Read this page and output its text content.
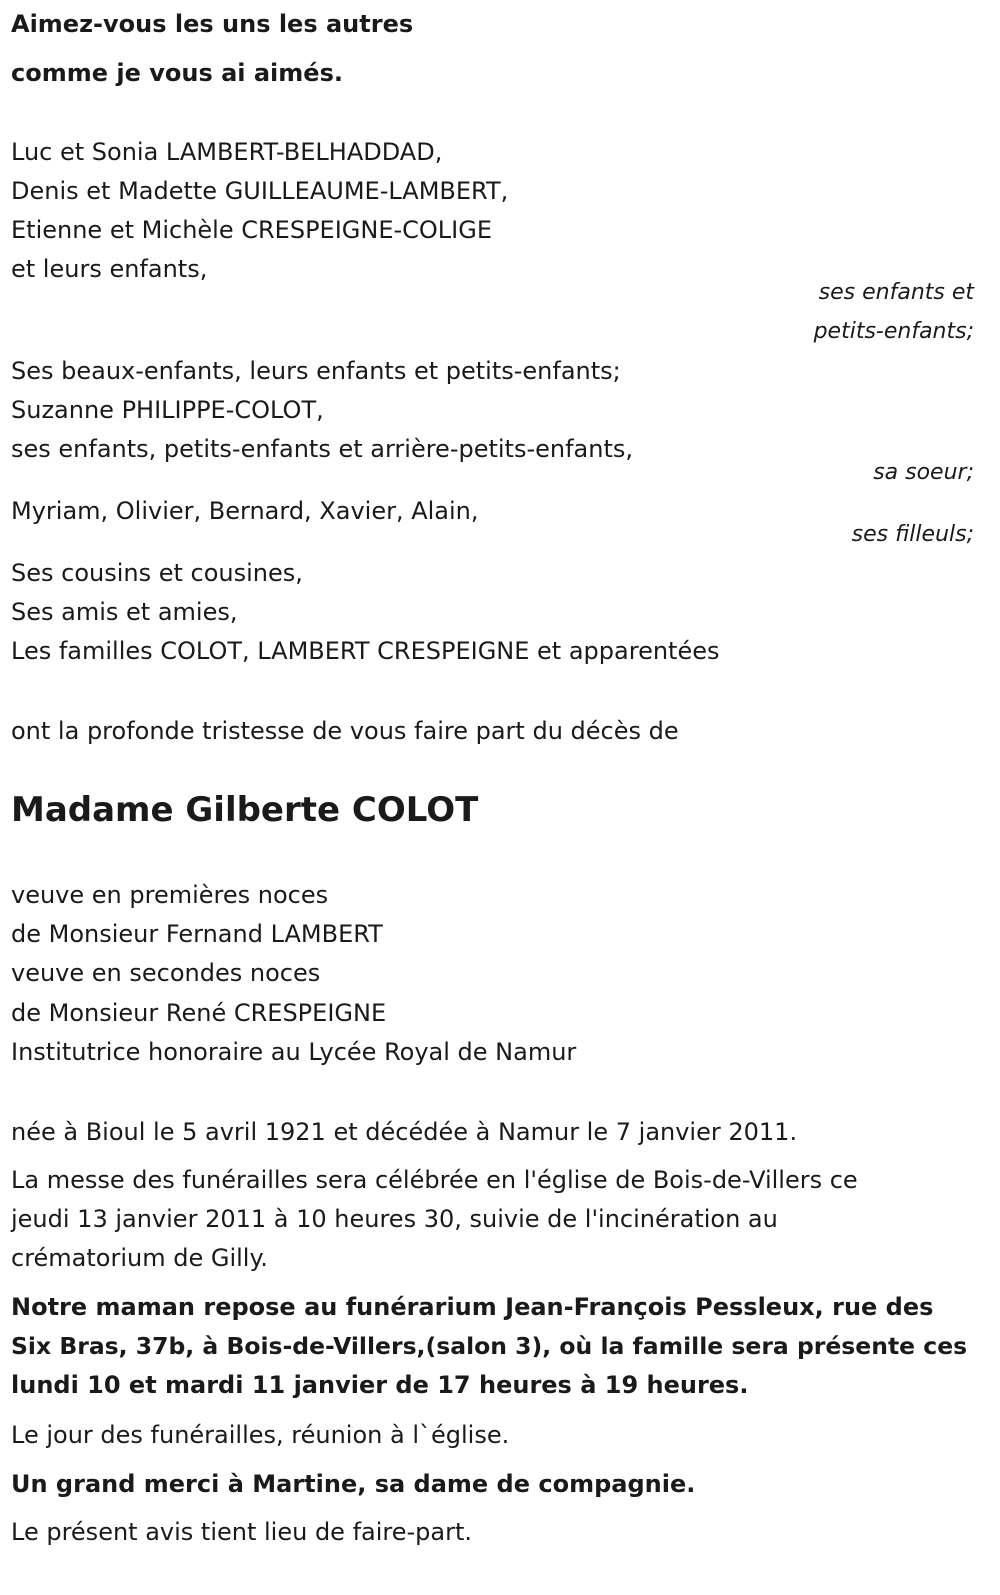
Aimez-vous les uns les autres
comme je vous ai aimés.
Luc et Sonia LAMBERT-BELHADDAD,
Denis et Madette GUILLEAUME-LAMBERT,
Etienne et Michèle CRESPEIGNE-COLIGE
et leurs enfants,
ses enfants et
petits-enfants;
Ses beaux-enfants, leurs enfants et petits-enfants;
Suzanne PHILIPPE-COLOT,
ses enfants, petits-enfants et arrière-petits-enfants,
sa soeur;
Myriam, Olivier, Bernard, Xavier, Alain,
ses filleuls;
Ses cousins et cousines,
Ses amis et amies,
Les familles COLOT, LAMBERT CRESPEIGNE et apparentées
ont la profonde tristesse de vous faire part du décès de
Madame Gilberte COLOT
veuve en premières noces
de Monsieur Fernand LAMBERT
veuve en secondes noces
de Monsieur René CRESPEIGNE
Institutrice honoraire au Lycée Royal de Namur
née à Bioul le 5 avril 1921 et décédée à Namur le 7 janvier 2011.
La messe des funérailles sera célébrée en l'église de Bois-de-Villers ce
jeudi 13 janvier 2011 à 10 heures 30, suivie de l'incinération au
crématorium de Gilly.
Notre maman repose au funérarium Jean-François Pessleux, rue des
Six Bras, 37b, à Bois-de-Villers,(salon 3), où la famille sera présente ces
lundi 10 et mardi 11 janvier de 17 heures à 19 heures.
Le jour des funérailles, réunion à l`église.
Un grand merci à Martine, sa dame de compagnie.
Le présent avis tient lieu de faire-part.
